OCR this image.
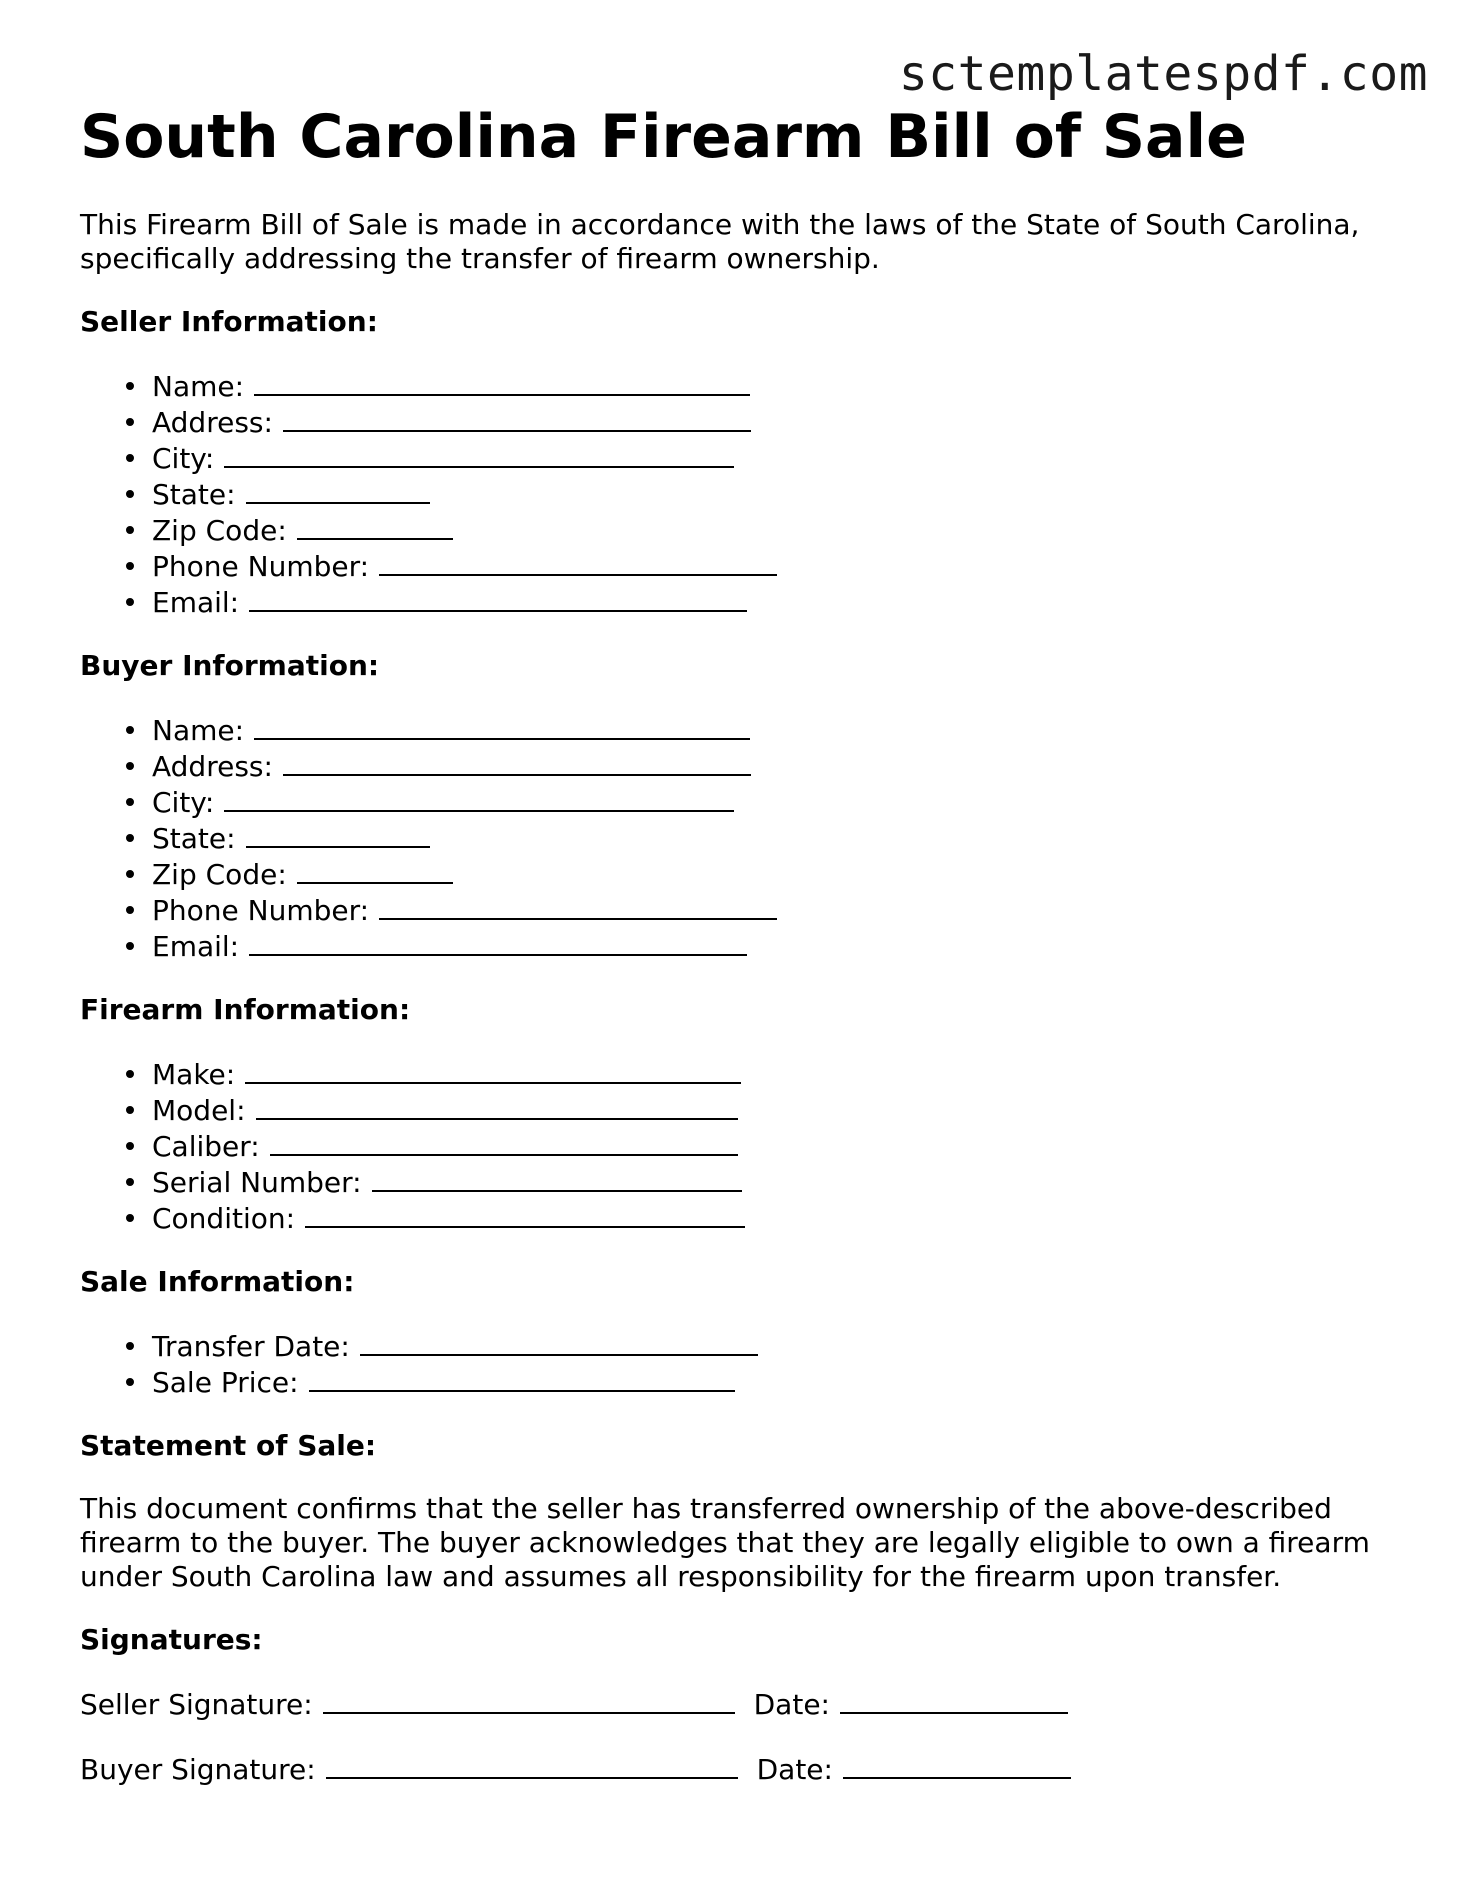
sctemplatespdf.com
South Carolina Firearm Bill of Sale

This Firearm Bill of Sale is made in accordance with the laws of the State of South Carolina, specifically addressing the transfer of firearm ownership.

Seller Information:
Name:
Address:
City:
State:
Zip Code:
Phone Number:
Email:
Buyer Information:
Name:
Address:
City:
State:
Zip Code:
Phone Number:
Email:
Firearm Information:
Make:
Model:
Caliber:
Serial Number:
Condition:
Sale Information:
Transfer Date:
Sale Price:
Statement of Sale:

This document confirms that the seller has transferred ownership of the above-described firearm to the buyer. The buyer acknowledges that they are legally eligible to own a firearm under South Carolina law and assumes all responsibility for the firearm upon transfer.

Signatures:
Seller Signature:	Date:
Buyer Signature:	Date:
